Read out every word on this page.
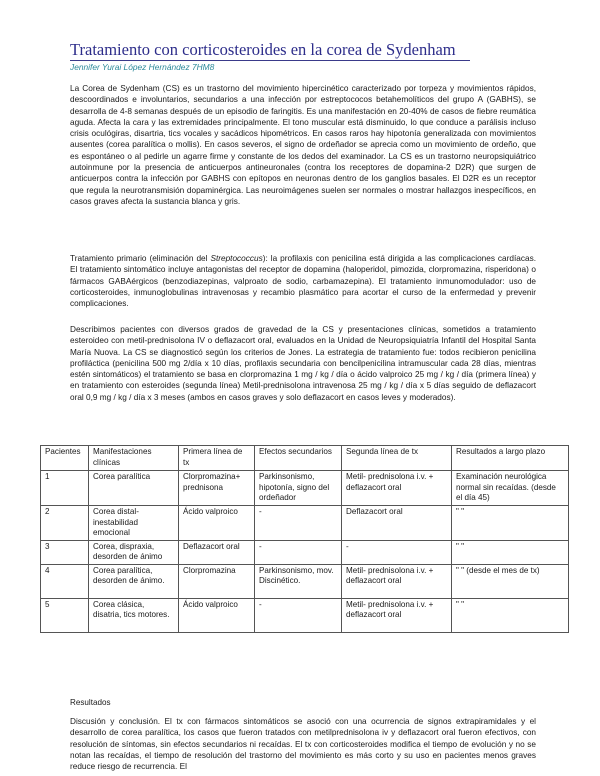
Tratamiento con corticosteroides en la corea de Sydenham
Jennifer Yurai López Hernández 7HM8

La Corea de Sydenham (CS) es un trastorno del movimiento hipercinético caracterizado por torpeza y movimientos rápidos, descoordinados e involuntarios, secundarios a una infección por estreptococos betahemolíticos del grupo A (GABHS), se desarrolla de 4-8 semanas después de un episodio de faringitis. Es una manifestación en 20-40% de casos de fiebre reumática aguda. Afecta la cara y las extremidades principalmente. El tono muscular está disminuido, lo que conduce a parálisis incluso crisis oculógiras, disartria, tics vocales y sacádicos hipométricos. En casos raros hay hipotonía generalizada con movimientos ausentes (corea paralítica o mollis). En casos severos, el signo de ordeñador se aprecia como un movimiento de ordeño, que es espontáneo o al pedirle un agarre firme y constante de los dedos del examinador. La CS es un trastorno neuropsiquiátrico autoinmune por la presencia de anticuerpos antineuronales (contra los receptores de dopamina-2 D2R) que surgen de anticuerpos contra la infección por GABHS con epítopos en neuronas dentro de los ganglios basales. El D2R es un receptor que regula la neurotransmisión dopaminérgica. Las neuroimágenes suelen ser normales o mostrar hallazgos inespecíficos, en casos graves afecta la sustancia blanca y gris.

Tratamiento primario (eliminación del Streptococcus): la profilaxis con penicilina está dirigida a las complicaciones cardíacas. El tratamiento sintomático incluye antagonistas del receptor de dopamina (haloperidol, pimozida, clorpromazina, risperidona) o fármacos GABAérgicos (benzodiazepinas, valproato de sodio, carbamazepina). El tratamiento inmunomodulador: uso de corticosteroides, inmunoglobulinas intravenosas y recambio plasmático para acortar el curso de la enfermedad y prevenir complicaciones.

Describimos pacientes con diversos grados de gravedad de la CS y presentaciones clínicas, sometidos a tratamiento esteroideo con metil-prednisolona IV o deflazacort oral, evaluados en la Unidad de Neuropsiquiatría Infantil del Hospital Santa María Nuova. La CS se diagnosticó según los criterios de Jones. La estrategia de tratamiento fue: todos recibieron penicilina profiláctica (penicilina 500 mg 2/día x 10 días, profilaxis secundaria con bencilpenicilina intramuscular cada 28 días, mientras estén sintomáticos) el tratamiento se basa en clorpromazina 1 mg / kg / día o ácido valproico 25 mg / kg / día (primera línea) y en tratamiento con esteroides (segunda línea) Metil-prednisolona intravenosa 25 mg / kg / día x 5 días seguido de deflazacort oral 0,9 mg / kg / día x 3 meses (ambos en casos graves y solo deflazacort en casos leves y moderados).

Pacientes	Manifestaciones clínicas	Primera línea de tx	Efectos secundarios	Segunda línea de tx	Resultados a largo plazo
1	Corea paralítica	Clorpromazina+ prednisona	Parkinsonismo, hipotonía, signo del ordeñador	Metil- prednisolona i.v. + deflazacort oral	Examinación neurológica normal sin recaídas. (desde el día 45)
2	Corea distal- inestabilidad emocional	Ácido valproico	-	Deflazacort oral	" "
3	Corea, dispraxia, desorden de ánimo	Deflazacort oral	-	-	" "
4	Corea paralítica, desorden de ánimo.	Clorpromazina	Parkinsonismo, mov. Discinético.	Metil- prednisolona i.v. + deflazacort oral	" " (desde el mes de tx)
5	Corea clásica, disatria, tics motores.	Ácido valproico	-	Metil- prednisolona i.v. + deflazacort oral	" "
Resultados

Discusión y conclusión. El tx con fármacos sintomáticos se asoció con una ocurrencia de signos extrapiramidales y el desarrollo de corea paralítica, los casos que fueron tratados con metilprednisolona iv y deflazacort oral fueron efectivos, con resolución de síntomas, sin efectos secundarios ni recaídas. El tx con corticosteroides modifica el tiempo de evolución y no se notan las recaídas, el tiempo de resolución del trastorno del movimiento es más corto y su uso en pacientes menos graves reduce riesgo de recurrencia. El
